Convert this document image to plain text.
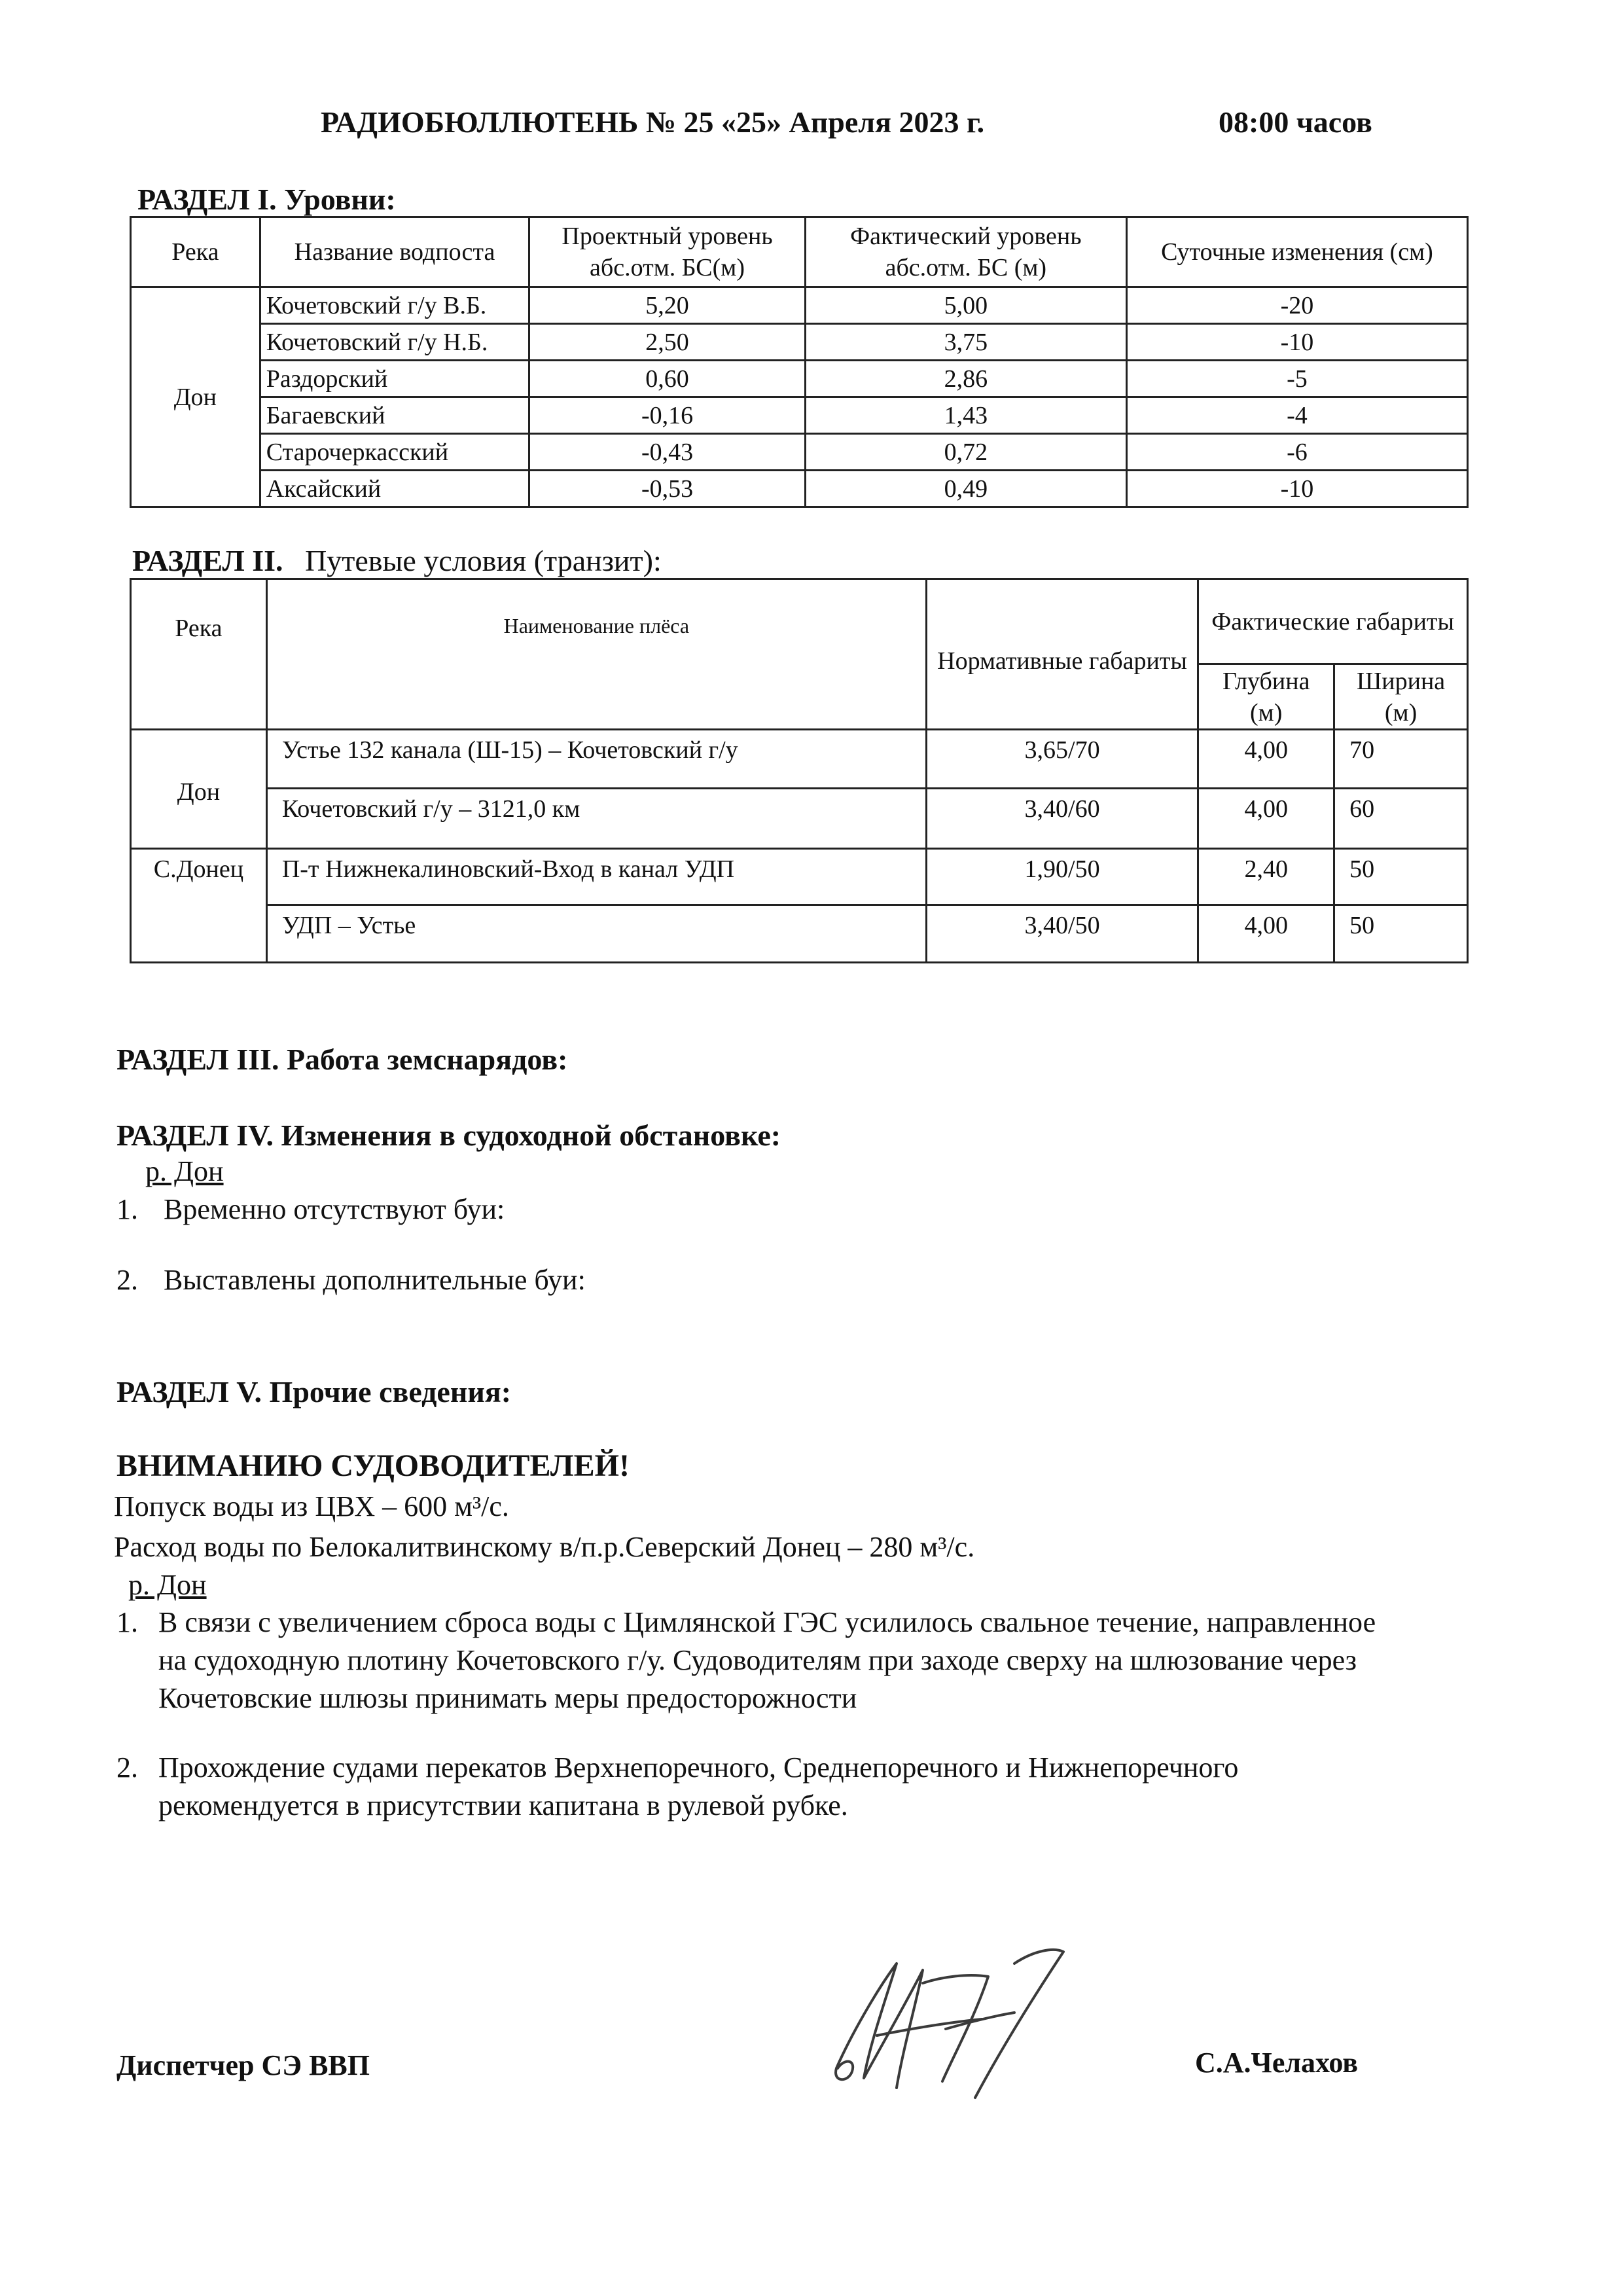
РАДИОБЮЛЛЮТЕНЬ № 25 «25» Апреля 2023 г.	08:00 часов
РАЗДЕЛ I. Уровни:
Река	Название водпоста	Проектный уровень абс.отм. БС(м)	Фактический уровень абс.отм. БС (м)	Суточные изменения (см)
Дон	Кочетовский г/у В.Б.	5,20	5,00	-20
	Кочетовский г/у Н.Б.	2,50	3,75	-10
	Раздорский	0,60	2,86	-5
	Багаевский	-0,16	1,43	-4
	Старочеркасский	-0,43	0,72	-6
	Аксайский	-0,53	0,49	-10
РАЗДЕЛ II. Путевые условия (транзит):
Река	Наименование плёса	Нормативные габариты	Фактические габариты	
			Глубина (м)	Ширина (м)
Дон	Устье 132 канала (Ш-15) – Кочетовский г/у	3,65/70	4,00	70
	Кочетовский г/у – 3121,0 км	3,40/60	4,00	60
С.Донец	П-т Нижнекалиновский-Вход в канал УДП	1,90/50	2,40	50
	УДП – Устье	3,40/50	4,00	50
РАЗДЕЛ III. Работа земснарядов:
РАЗДЕЛ IV. Изменения в судоходной обстановке:
р. Дон
1. Временно отсутствуют буи:
2. Выставлены дополнительные буи:
РАЗДЕЛ V. Прочие сведения:
ВНИМАНИЮ СУДОВОДИТЕЛЕЙ!
Попуск воды из ЦВХ – 600 м³/с.
Расход воды по Белокалитвинскому в/п.р.Северский Донец – 280 м³/с.
р. Дон
1. В связи с увеличением сброса воды с Цимлянской ГЭС усилилось свальное течение, направленное
на судоходную плотину Кочетовского г/у. Судоводителям при заходе сверху на шлюзование через
Кочетовские шлюзы принимать меры предосторожности
2. Прохождение судами перекатов Верхнепоречного, Среднепоречного и Нижнепоречного
рекомендуется в присутствии капитана в рулевой рубке.
Диспетчер СЭ ВВП	С.А.Челахов
